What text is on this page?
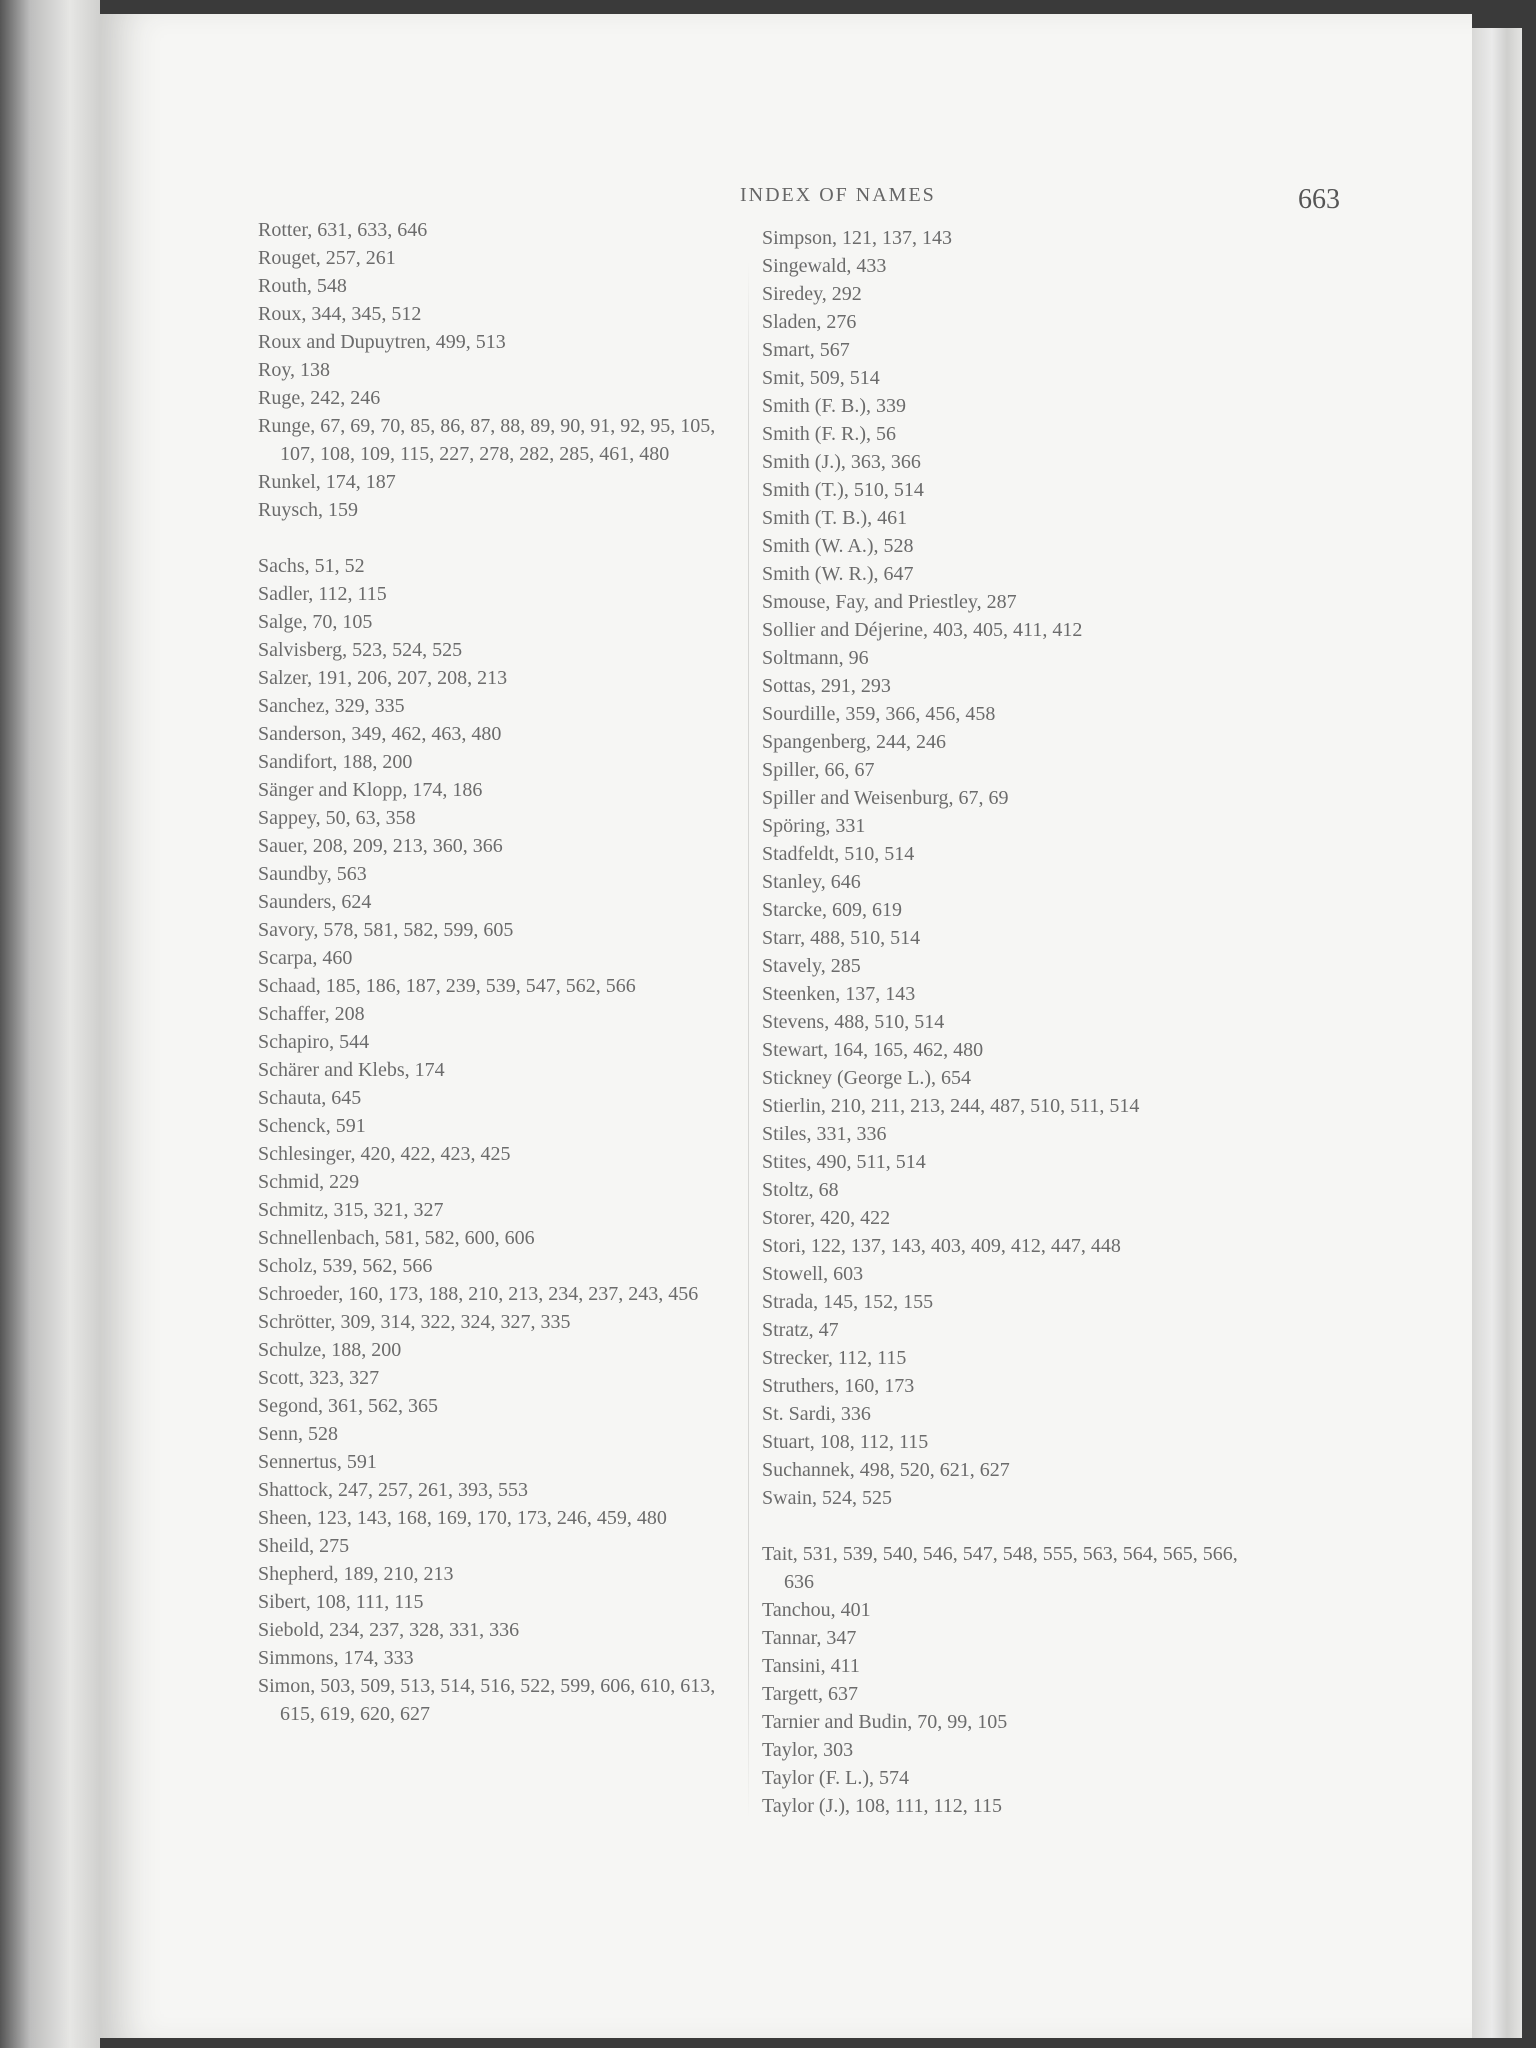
INDEX OF NAMES	663
Rotter, 631, 633, 646
Rouget, 257, 261
Routh, 548
Roux, 344, 345, 512
Roux and Dupuytren, 499, 513
Roy, 138
Ruge, 242, 246
Runge, 67, 69, 70, 85, 86, 87, 88, 89, 90, 91, 92, 95, 105, 107, 108, 109, 115, 227, 278, 282, 285, 461, 480
Runkel, 174, 187
Ruysch, 159
Sachs, 51, 52
Sadler, 112, 115
Salge, 70, 105
Salvisberg, 523, 524, 525
Salzer, 191, 206, 207, 208, 213
Sanchez, 329, 335
Sanderson, 349, 462, 463, 480
Sandifort, 188, 200
Sänger and Klopp, 174, 186
Sappey, 50, 63, 358
Sauer, 208, 209, 213, 360, 366
Saundby, 563
Saunders, 624
Savory, 578, 581, 582, 599, 605
Scarpa, 460
Schaad, 185, 186, 187, 239, 539, 547, 562, 566
Schaffer, 208
Schapiro, 544
Schärer and Klebs, 174
Schauta, 645
Schenck, 591
Schlesinger, 420, 422, 423, 425
Schmid, 229
Schmitz, 315, 321, 327
Schnellenbach, 581, 582, 600, 606
Scholz, 539, 562, 566
Schroeder, 160, 173, 188, 210, 213, 234, 237, 243, 456
Schrötter, 309, 314, 322, 324, 327, 335
Schulze, 188, 200
Scott, 323, 327
Segond, 361, 562, 365
Senn, 528
Sennertus, 591
Shattock, 247, 257, 261, 393, 553
Sheen, 123, 143, 168, 169, 170, 173, 246, 459, 480
Sheild, 275
Shepherd, 189, 210, 213
Sibert, 108, 111, 115
Siebold, 234, 237, 328, 331, 336
Simmons, 174, 333
Simon, 503, 509, 513, 514, 516, 522, 599, 606, 610, 613, 615, 619, 620, 627
Simpson, 121, 137, 143
Singewald, 433
Siredey, 292
Sladen, 276
Smart, 567
Smit, 509, 514
Smith (F. B.), 339
Smith (F. R.), 56
Smith (J.), 363, 366
Smith (T.), 510, 514
Smith (T. B.), 461
Smith (W. A.), 528
Smith (W. R.), 647
Smouse, Fay, and Priestley, 287
Sollier and Déjerine, 403, 405, 411, 412
Soltmann, 96
Sottas, 291, 293
Sourdille, 359, 366, 456, 458
Spangenberg, 244, 246
Spiller, 66, 67
Spiller and Weisenburg, 67, 69
Spöring, 331
Stadfeldt, 510, 514
Stanley, 646
Starcke, 609, 619
Starr, 488, 510, 514
Stavely, 285
Steenken, 137, 143
Stevens, 488, 510, 514
Stewart, 164, 165, 462, 480
Stickney (George L.), 654
Stierlin, 210, 211, 213, 244, 487, 510, 511, 514
Stiles, 331, 336
Stites, 490, 511, 514
Stoltz, 68
Storer, 420, 422
Stori, 122, 137, 143, 403, 409, 412, 447, 448
Stowell, 603
Strada, 145, 152, 155
Stratz, 47
Strecker, 112, 115
Struthers, 160, 173
St. Sardi, 336
Stuart, 108, 112, 115
Suchannek, 498, 520, 621, 627
Swain, 524, 525
Tait, 531, 539, 540, 546, 547, 548, 555, 563, 564, 565, 566, 636
Tanchou, 401
Tannar, 347
Tansini, 411
Targett, 637
Tarnier and Budin, 70, 99, 105
Taylor, 303
Taylor (F. L.), 574
Taylor (J.), 108, 111, 112, 115
